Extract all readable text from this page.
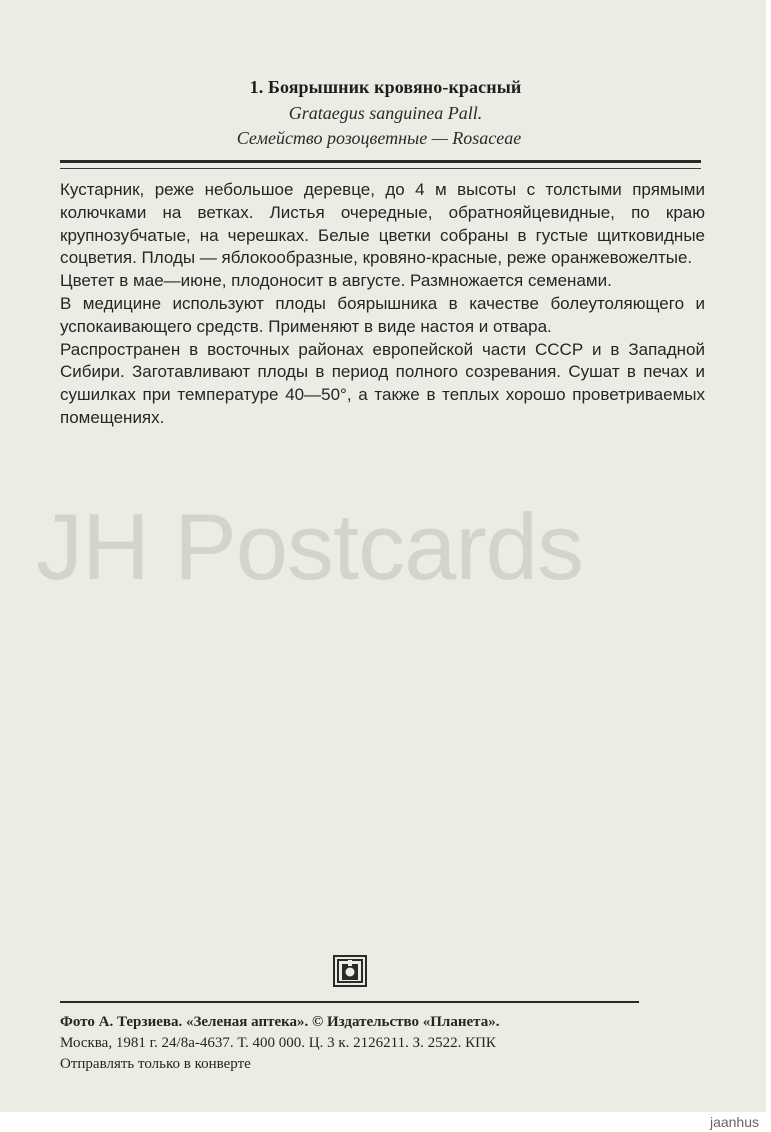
1. Боярышник кровяно-красный
Grataegus sanguinea Pall.
Семейство розоцветные — Rosaceae

Кустарник, реже небольшое деревце, до 4 м высоты с толстыми прямыми колючками на ветках. Листья очередные, обратнояйцевидные, по краю крупнозубчатые, на черешках. Белые цветки собраны в густые щитковидные соцветия. Плоды — яблокообразные, кровяно-красные, реже оранжевожелтые.

Цветет в мае—июне, плодоносит в августе. Размножается семенами.

В медицине используют плоды боярышника в качестве болеутоляющего и успокаивающего средств. Применяют в виде настоя и отвара.

Распространен в восточных районах европейской части СССР и в Западной Сибири. Заготавливают плоды в период полного созревания. Сушат в печах и сушилках при температуре 40—50°, а также в теплых хорошо проветриваемых помещениях.

JH Postcards
Фото А. Терзиева. «Зеленая аптека». © Издательство «Планета».
Москва, 1981 г. 24/8а-4637. Т. 400 000. Ц. 3 к. 2126211. З. 2522. КПК
Отправлять только в конверте
jaanhus
